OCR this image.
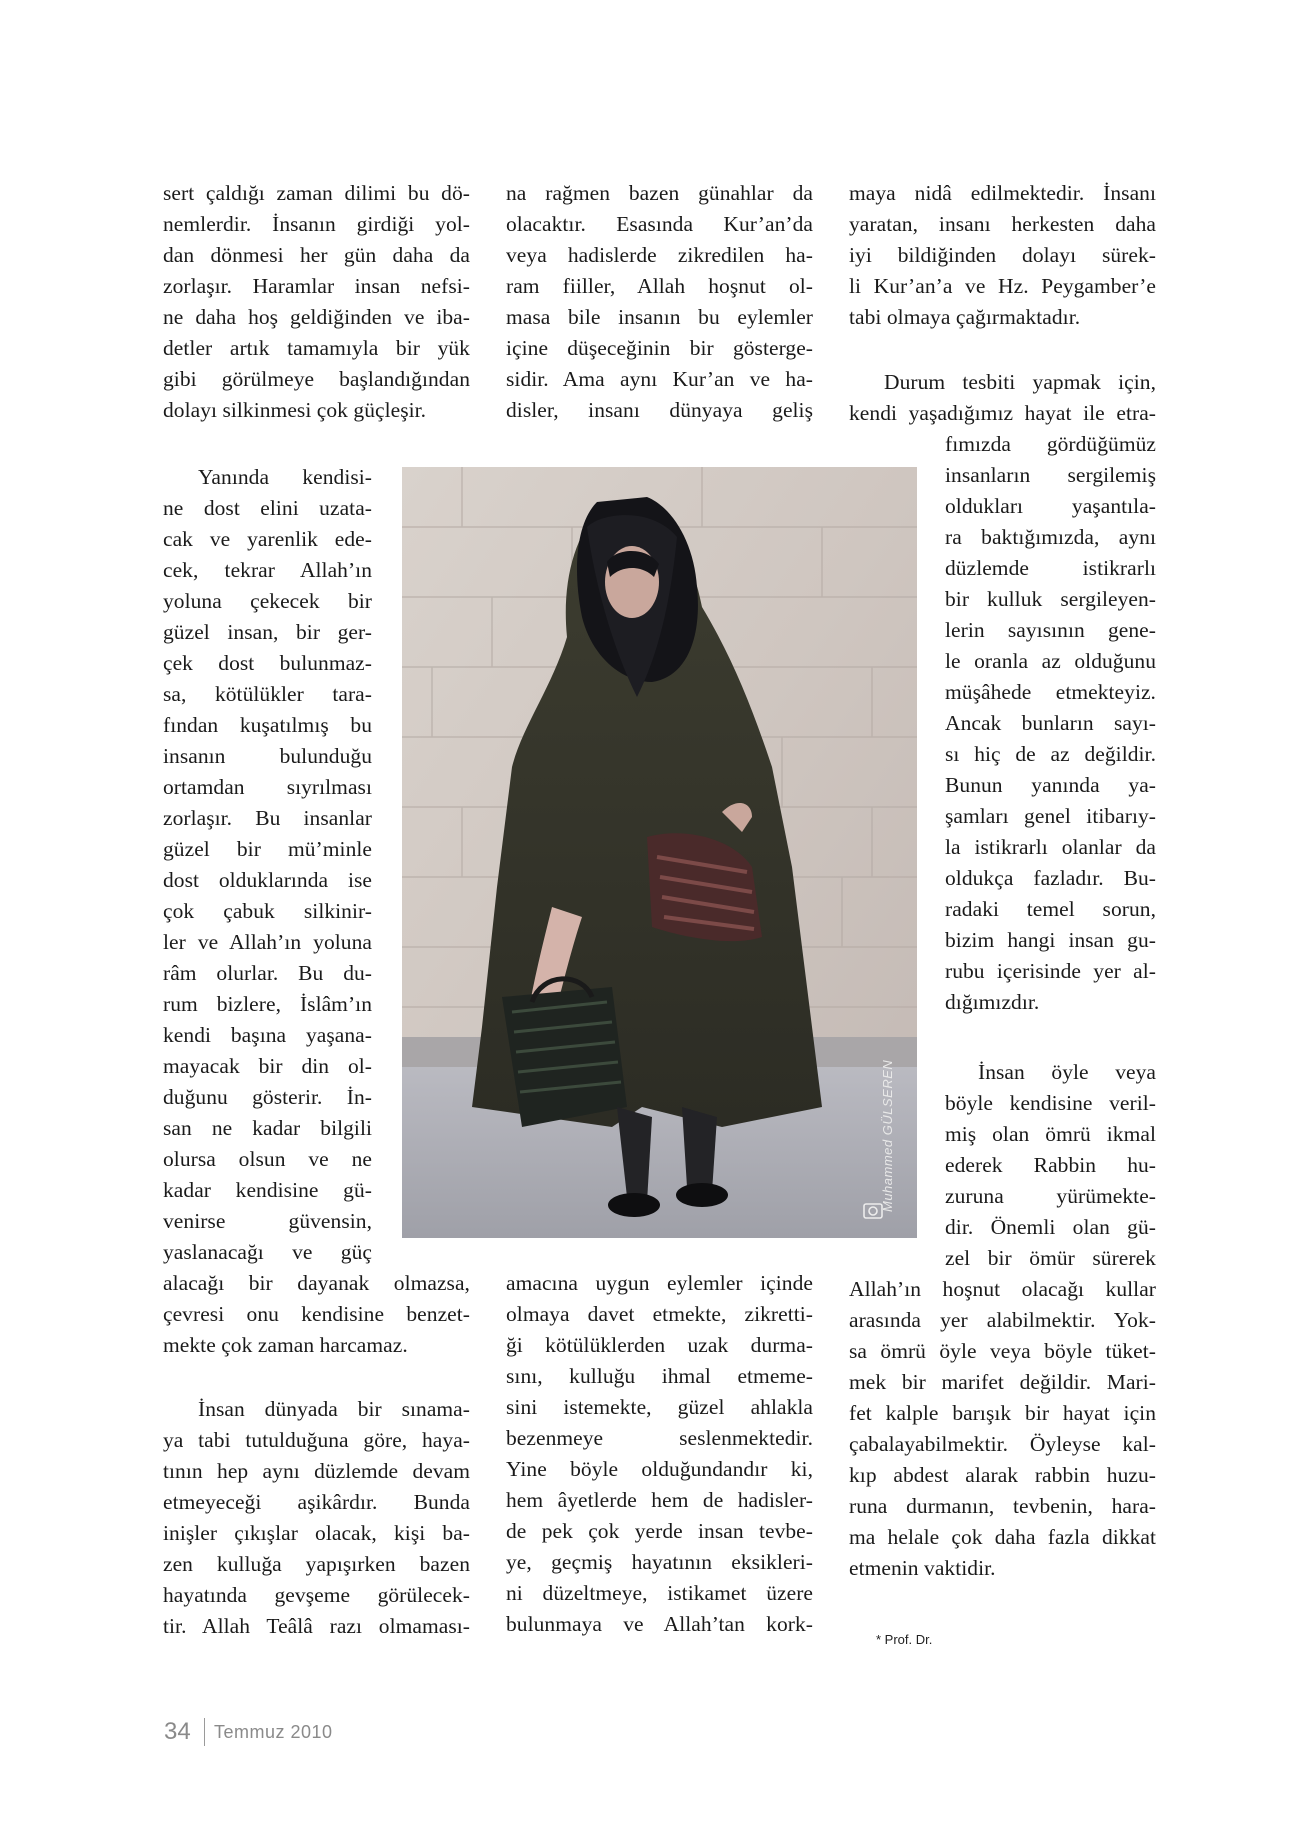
sert çaldığı zaman dilimi bu dö-
nemlerdir. İnsanın girdiği yol-
dan dönmesi her gün daha da
zorlaşır. Haramlar insan nefsi-
ne daha hoş geldiğinden ve iba-
detler artık tamamıyla bir yük
gibi görülmeye başlandığından
dolayı silkinmesi çok güçleşir.
Yanında kendisi-
ne dost elini uzata-
cak ve yarenlik ede-
cek, tekrar Allah’ın
yoluna çekecek bir
güzel insan, bir ger-
çek dost bulunmaz-
sa, kötülükler tara-
fından kuşatılmış bu
insanın bulunduğu
ortamdan sıyrılması
zorlaşır. Bu insanlar
güzel bir mü’minle
dost olduklarında ise
çok çabuk silkinir-
ler ve Allah’ın yoluna
râm olurlar. Bu du-
rum bizlere, İslâm’ın
kendi başına yaşana-
mayacak bir din ol-
duğunu gösterir. İn-
san ne kadar bilgili
olursa olsun ve ne
kadar kendisine gü-
venirse güvensin,
yaslanacağı ve güç
alacağı bir dayanak olmazsa,
çevresi onu kendisine benzet-
mekte çok zaman harcamaz.
İnsan dünyada bir sınama-
ya tabi tutulduğuna göre, haya-
tının hep aynı düzlemde devam
etmeyeceği aşikârdır. Bunda
inişler çıkışlar olacak, kişi ba-
zen kulluğa yapışırken bazen
hayatında gevşeme görülecek-
tir. Allah Teâlâ razı olmaması-
na rağmen bazen günahlar da
olacaktır. Esasında Kur’an’da
veya hadislerde zikredilen ha-
ram fiiller, Allah hoşnut ol-
masa bile insanın bu eylemler
içine düşeceğinin bir gösterge-
sidir. Ama aynı Kur’an ve ha-
disler, insanı dünyaya geliş
amacına uygun eylemler içinde
olmaya davet etmekte, zikretti-
ği kötülüklerden uzak durma-
sını, kulluğu ihmal etmeme-
sini istemekte, güzel ahlakla
bezenmeye seslenmektedir.
Yine böyle olduğundandır ki,
hem âyetlerde hem de hadisler-
de pek çok yerde insan tevbe-
ye, geçmiş hayatının eksikleri-
ni düzeltmeye, istikamet üzere
bulunmaya ve Allah’tan kork-
maya nidâ edilmektedir. İnsanı
yaratan, insanı herkesten daha
iyi bildiğinden dolayı sürek-
li Kur’an’a ve Hz. Peygamber’e
tabi olmaya çağırmaktadır.
Durum tesbiti yapmak için,
kendi yaşadığımız hayat ile etra-
fımızda gördüğümüz
insanların sergilemiş
oldukları yaşantıla-
ra baktığımızda, aynı
düzlemde istikrarlı
bir kulluk sergileyen-
lerin sayısının gene-
le oranla az olduğunu
müşâhede etmekteyiz.
Ancak bunların sayı-
sı hiç de az değildir.
Bunun yanında ya-
şamları genel itibarıy-
la istikrarlı olanlar da
oldukça fazladır. Bu-
radaki temel sorun,
bizim hangi insan gu-
rubu içerisinde yer al-
dığımızdır.
İnsan öyle veya
böyle kendisine veril-
miş olan ömrü ikmal
ederek Rabbin hu-
zuruna yürümekte-
dir. Önemli olan gü-
zel bir ömür sürerek
Allah’ın hoşnut olacağı kullar
arasında yer alabilmektir. Yok-
sa ömrü öyle veya böyle tüket-
mek bir marifet değildir. Mari-
fet kalple barışık bir hayat için
çabalayabilmektir. Öyleyse kal-
kıp abdest alarak rabbin huzu-
runa durmanın, tevbenin, hara-
ma helale çok daha fazla dikkat
etmenin vaktidir.
Muhammed GÜLSEREN
* Prof. Dr.
34 Temmuz 2010
